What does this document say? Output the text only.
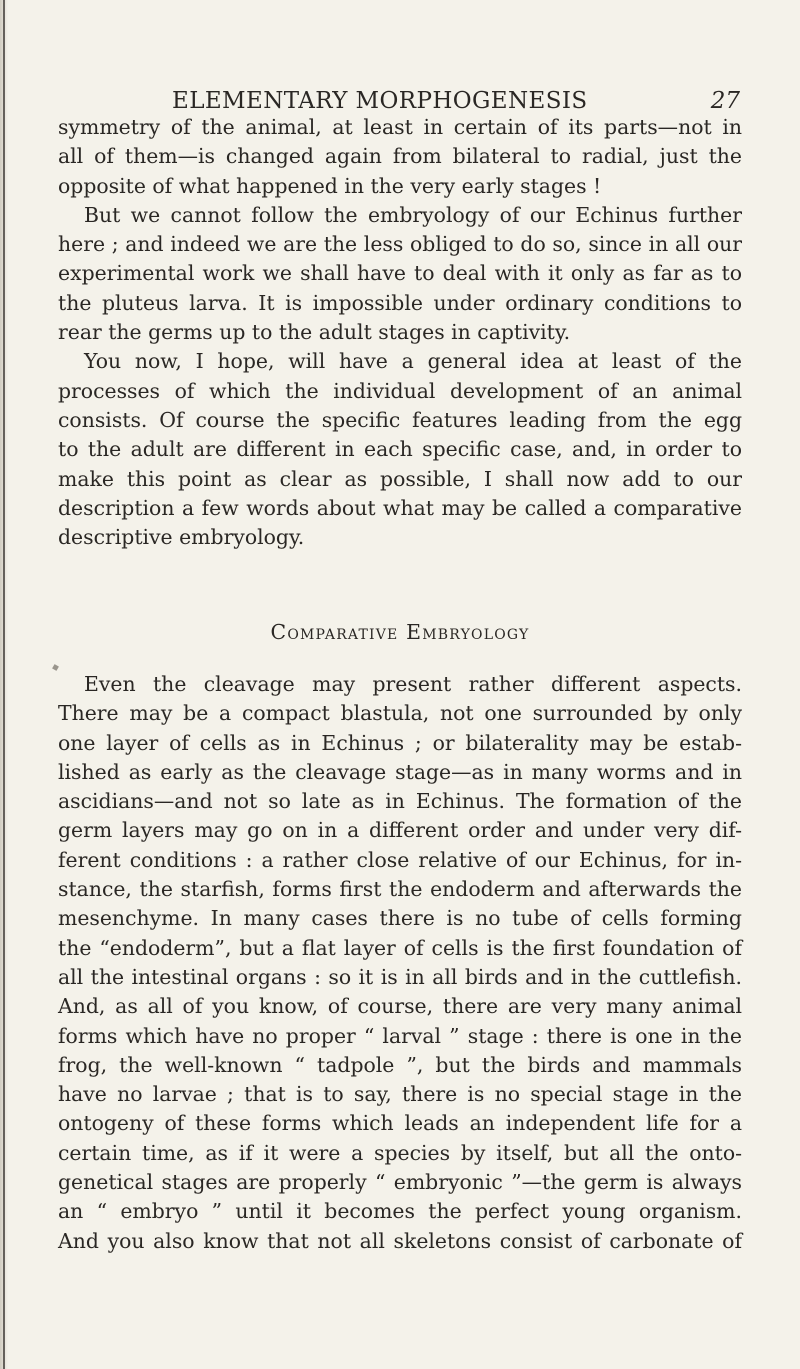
ELEMENTARY MORPHOGENESIS	27
symmetry of the animal, at least in certain of its parts—not in
all of them—is changed again from bilateral to radial, just the
opposite of what happened in the very early stages !
But we cannot follow the embryology of our Echinus further
here ; and indeed we are the less obliged to do so, since in all our
experimental work we shall have to deal with it only as far as to
the pluteus larva. It is impossible under ordinary conditions to
rear the germs up to the adult stages in captivity.
You now, I hope, will have a general idea at least of the
processes of which the individual development of an animal
consists. Of course the specific features leading from the egg
to the adult are different in each specific case, and, in order to
make this point as clear as possible, I shall now add to our
description a few words about what may be called a comparative
descriptive embryology.
Comparative Embryology
Even the cleavage may present rather different aspects.
There may be a compact blastula, not one surrounded by only
one layer of cells as in Echinus ; or bilaterality may be estab-
lished as early as the cleavage stage—as in many worms and in
ascidians—and not so late as in Echinus. The formation of the
germ layers may go on in a different order and under very dif-
ferent conditions : a rather close relative of our Echinus, for in-
stance, the starfish, forms first the endoderm and afterwards the
mesenchyme. In many cases there is no tube of cells forming
the “endoderm”, but a flat layer of cells is the first foundation of
all the intestinal organs : so it is in all birds and in the cuttlefish.
And, as all of you know, of course, there are very many animal
forms which have no proper “ larval ” stage : there is one in the
frog, the well-known “ tadpole ”, but the birds and mammals
have no larvae ; that is to say, there is no special stage in the
ontogeny of these forms which leads an independent life for a
certain time, as if it were a species by itself, but all the onto-
genetical stages are properly “ embryonic ”—the germ is always
an “ embryo ” until it becomes the perfect young organism.
And you also know that not all skeletons consist of carbonate of
